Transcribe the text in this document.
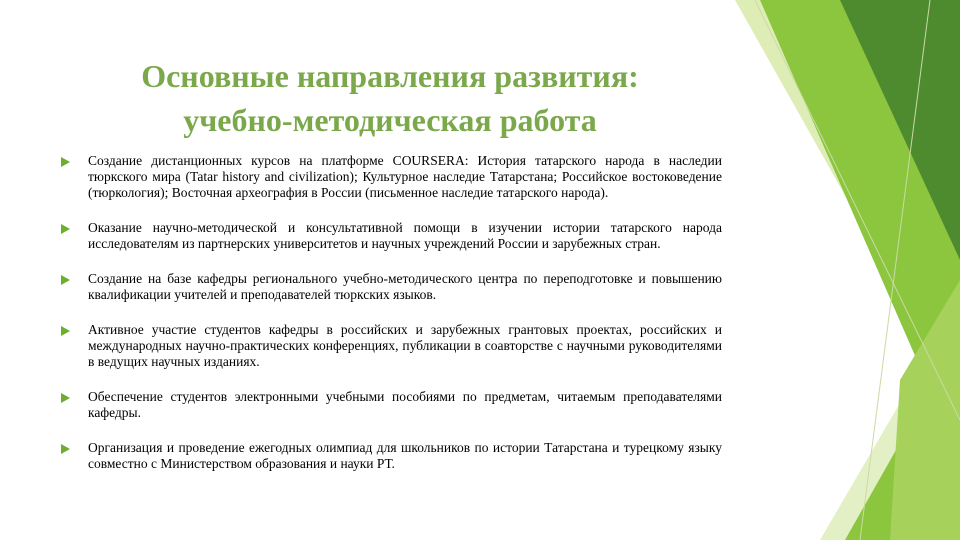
Основные направления развития:
учебно-методическая работа
Создание дистанционных курсов на платформе COURSERA: История татарского народа в наследии тюркского мира (Tatar history and civilization); Культурное наследие Татарстана; Российское востоковедение (тюркология); Восточная археография в России (письменное наследие татарского народа).
Оказание научно-методической и консультативной помощи в изучении истории татарского народа исследователям из партнерских университетов и научных учреждений России и зарубежных стран.
Создание на базе кафедры регионального учебно-методического центра по переподготовке и повышению квалификации учителей и преподавателей тюркских языков.
Активное участие студентов кафедры в российских и зарубежных грантовых проектах, российских и международных научно-практических конференциях, публикации в соавторстве с научными руководителями в ведущих научных изданиях.
Обеспечение студентов электронными учебными пособиями по предметам, читаемым преподавателями кафедры.
Организация и проведение ежегодных олимпиад для школьников по истории Татарстана и турецкому языку совместно с Министерством образования и науки РТ.
